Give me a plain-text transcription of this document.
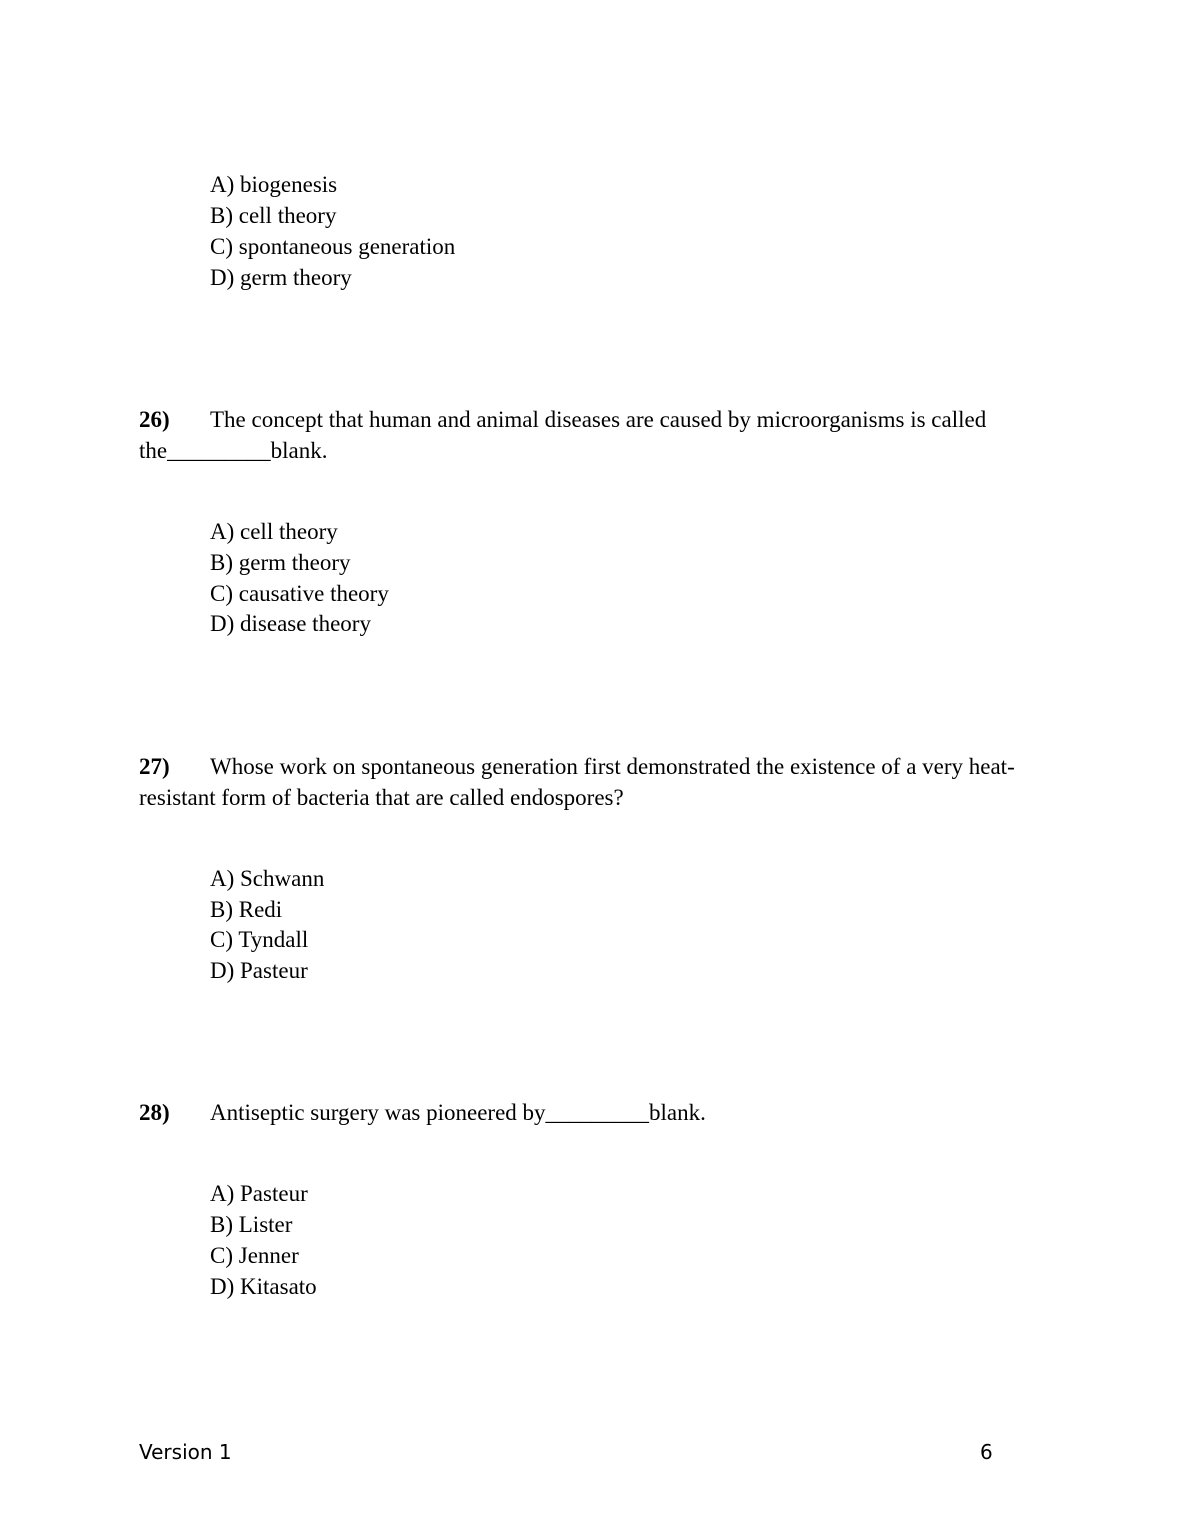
A) biogenesis
B) cell theory
C) spontaneous generation
D) germ theory
26) The concept that human and animal diseases are caused by microorganisms is called
the_________blank.
A) cell theory
B) germ theory
C) causative theory
D) disease theory
27) Whose work on spontaneous generation first demonstrated the existence of a very heat-
resistant form of bacteria that are called endospores?
A) Schwann
B) Redi
C) Tyndall
D) Pasteur
28) Antiseptic surgery was pioneered by_________blank.
A) Pasteur
B) Lister
C) Jenner
D) Kitasato
Version 1	6
